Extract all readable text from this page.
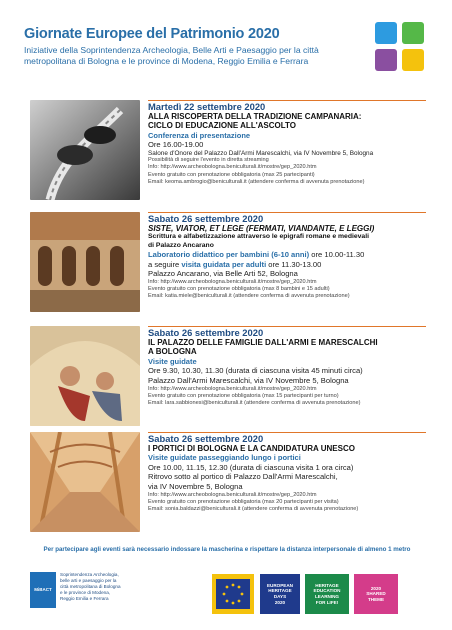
Giornate Europee del Patrimonio 2020
Iniziative della Soprintendenza Archeologia, Belle Arti e Paesaggio per la città
metropolitana di Bologna e le province di Modena, Reggio Emilia e Ferrara
Martedì 22 settembre 2020
ALLA RISCOPERTA DELLA TRADIZIONE CAMPANARIA:
CICLO DI EDUCAZIONE ALL'ASCOLTO
Conferenza di presentazione
Ore 16.00-19.00
Salone d'Onore del Palazzo Dall'Armi Marescalchi, via IV Novembre 5, Bologna
Possibilità di seguire l'evento in diretta streaming
Info: http://www.archeobologna.beniculturali.it/mostre/gep_2020.htm
Evento gratuito con prenotazione obbligatoria (max 25 partecipanti)
Email: keoma.ambrogio@beniculturali.it (attendere conferma di avvenuta prenotazione)
Sabato 26 settembre 2020
SISTE, VIATOR, ET LEGE (FERMATI, VIANDANTE, E LEGGI)
Scrittura e alfabetizzazione attraverso le epigrafi romane e medievali
di Palazzo Ancarano
Laboratorio didattico per bambini (6-10 anni) ore 10.00-11.30
a seguire visita guidata per adulti ore 11.30-13.00
Palazzo Ancarano, via Belle Arti 52, Bologna
Info: http://www.archeobologna.beniculturali.it/mostre/gep_2020.htm
Evento gratuito con prenotazione obbligatoria (max 8 bambini e 15 adulti)
Email: katia.miele@beniculturali.it (attendere conferma di avvenuta prenotazione)
Sabato 26 settembre 2020
IL PALAZZO DELLE FAMIGLIE DALL'ARMI E MARESCALCHI
A BOLOGNA
Visite guidate
Ore 9.30, 10.30, 11.30 (durata di ciascuna visita 45 minuti circa)
Palazzo Dall'Armi Marescalchi, via IV Novembre 5, Bologna
Info: http://www.archeobologna.beniculturali.it/mostre/gep_2020.htm
Evento gratuito con prenotazione obbligatoria (max 15 partecipanti per turno)
Email: lara.sabbionesi@beniculturali.it (attendere conferma di avvenuta prenotazione)
Sabato 26 settembre 2020
I PORTICI DI BOLOGNA E LA CANDIDATURA UNESCO
Visite guidate passeggiando lungo i portici
Ore 10.00, 11.15, 12.30 (durata di ciascuna visita 1 ora circa)
Ritrovo sotto al portico di Palazzo Dall'Armi Marescalchi,
via IV Novembre 5, Bologna
Info: http://www.archeobologna.beniculturali.it/mostre/gep_2020.htm
Evento gratuito con prenotazione obbligatoria (max 20 partecipanti per visita)
Email: sonia.baldazzi@beniculturali.it (attendere conferma di avvenuta prenotazione)
Per partecipare agli eventi sarà necessario indossare la mascherina e rispettare la distanza interpersonale di almeno 1 metro
MiBACT
Soprintendenza Archeologia,
belle arti e paesaggio per la
città metropolitana di Bologna
e le province di Modena,
Reggio Emilia e Ferrara
EUROPEAN
HERITAGE
DAYS
2020
HERITAGE
EDUCATION
LEARNING
FOR LIFE!
2020
SHARED
THEME
